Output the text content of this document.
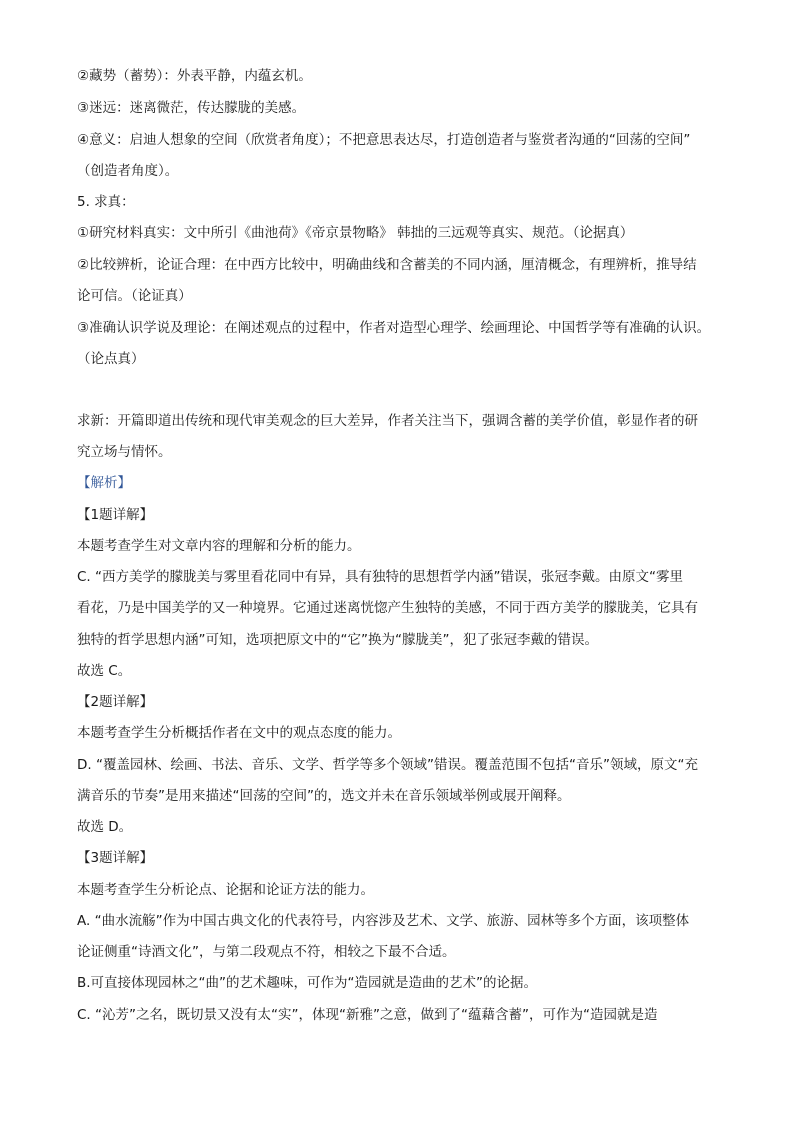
②藏势（蓄势）：外表平静，内蕴玄机。
③迷远：迷离微茫，传达朦胧的美感。
④意义：启迪人想象的空间（欣赏者角度）；不把意思表达尽，打造创造者与鉴赏者沟通的“回荡的空间”
（创造者角度）。
5. 求真：
①研究材料真实：文中所引《曲池荷》《帝京景物略》 韩拙的三远观等真实、规范。（论据真）
②比较辨析，论证合理：在中西方比较中，明确曲线和含蓄美的不同内涵，厘清概念，有理辨析，推导结
论可信。（论证真）
③准确认识学说及理论：在阐述观点的过程中，作者对造型心理学、绘画理论、中国哲学等有准确的认识。
（论点真）
求新：开篇即道出传统和现代审美观念的巨大差异，作者关注当下，强调含蓄的美学价值，彰显作者的研
究立场与情怀。
【解析】
【1题详解】
本题考查学生对文章内容的理解和分析的能力。
C. “西方美学的朦胧美与雾里看花同中有异，具有独特的思想哲学内涵”错误，张冠李戴。由原文“雾里
看花，乃是中国美学的又一种境界。它通过迷离恍惚产生独特的美感，不同于西方美学的朦胧美，它具有
独特的哲学思想内涵”可知，选项把原文中的“它”换为“朦胧美”，犯了张冠李戴的错误。
故选 C。
【2题详解】
本题考查学生分析概括作者在文中的观点态度的能力。
D. “覆盖园林、绘画、书法、音乐、文学、哲学等多个领域”错误。覆盖范围不包括“音乐”领域，原文“充
满音乐的节奏”是用来描述“回荡的空间”的，选文并未在音乐领域举例或展开阐释。
故选 D。
【3题详解】
本题考查学生分析论点、论据和论证方法的能力。
A. “曲水流觞”作为中国古典文化的代表符号，内容涉及艺术、文学、旅游、园林等多个方面，该项整体
论证侧重“诗酒文化”，与第二段观点不符，相较之下最不合适。
B.可直接体现园林之“曲”的艺术趣味，可作为“造园就是造曲的艺术”的论据。
C. “沁芳”之名，既切景又没有太“实”，体现“新雅”之意，做到了“蕴藉含蓄”，可作为“造园就是造
